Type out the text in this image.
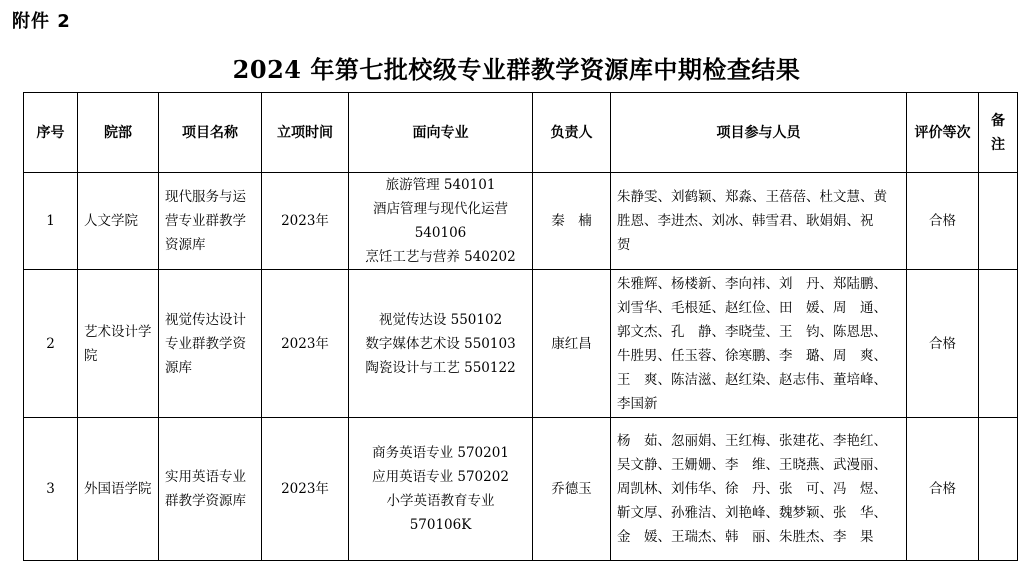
附件 2
2024 年第七批校级专业群教学资源库中期检查结果
序号	院部	项目名称	立项时间	面向专业	负责人	项目参与人员	评价等次	备注
1	人文学院	现代服务与运营专业群教学资源库	2023年	旅游管理 540101
酒店管理与现代化运营
540106
烹饪工艺与营养 540202	秦　楠	朱静雯、刘鹤颖、郑淼、王蓓蓓、杜文慧、黄胜恩、李进杰、刘冰、韩雪君、耿娟娟、祝　贺	合格	
2	艺术设计学院	视觉传达设计专业群教学资源库	2023年	视觉传达设 550102
数字媒体艺术设 550103
陶瓷设计与工艺 550122	康红昌	朱雅辉、杨楼新、李向祎、刘　丹、郑陆鹏、刘雪华、毛根延、赵红俭、田　媛、周　通、郭文杰、孔　静、李晓莹、王　钧、陈恩思、牛胜男、任玉蓉、徐寒鹏、李　璐、周　爽、王　爽、陈洁滋、赵红染、赵志伟、董培峰、李国新	合格	
3	外国语学院	实用英语专业群教学资源库	2023年	商务英语专业 570201
应用英语专业 570202
小学英语教育专业
570106K	乔德玉	杨　茹、忽丽娟、王红梅、张建花、李艳红、吴文静、王姗姗、李　维、王晓燕、武漫丽、周凯林、刘伟华、徐　丹、张　可、冯　煜、靳文厚、孙雅洁、刘艳峰、魏梦颖、张　华、金　媛、王瑞杰、韩　丽、朱胜杰、李　果	合格	
